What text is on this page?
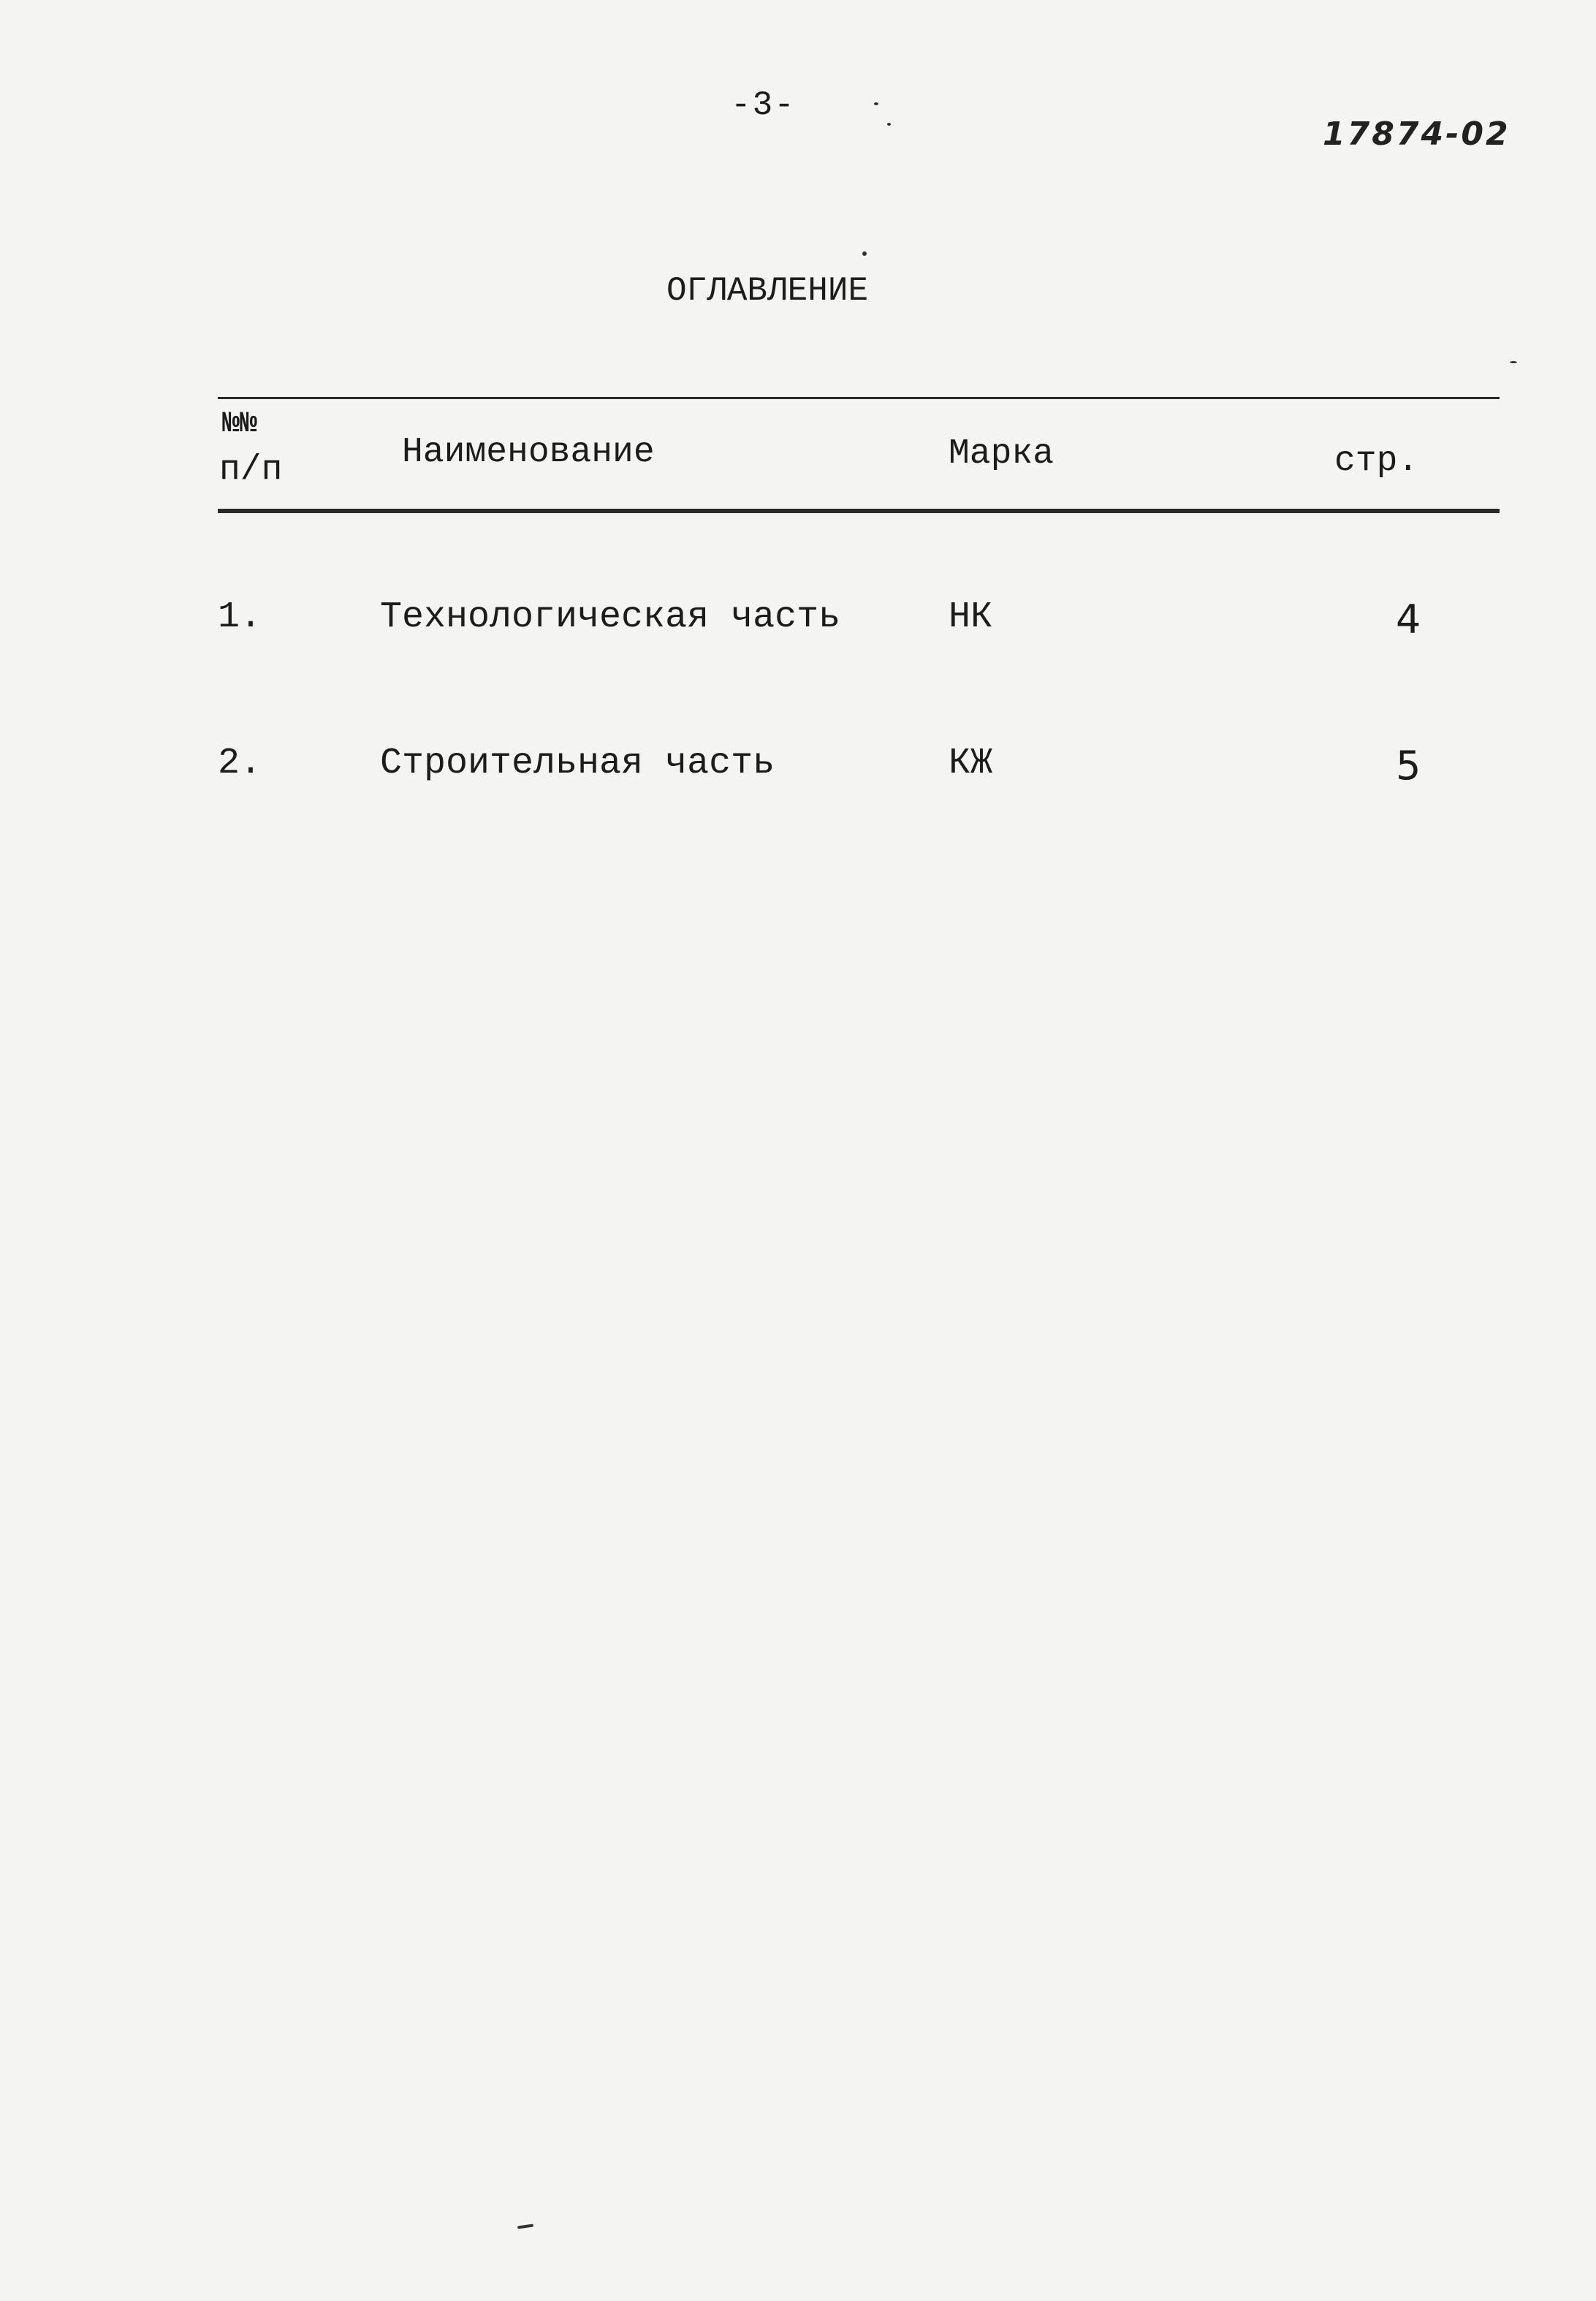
-3-
17874-02
ОГЛАВЛЕНИЕ
№№
п/п	Наименование	Марка	стр.
1.	Технологическая часть	НК	4
2.	Строительная часть	КЖ	5
